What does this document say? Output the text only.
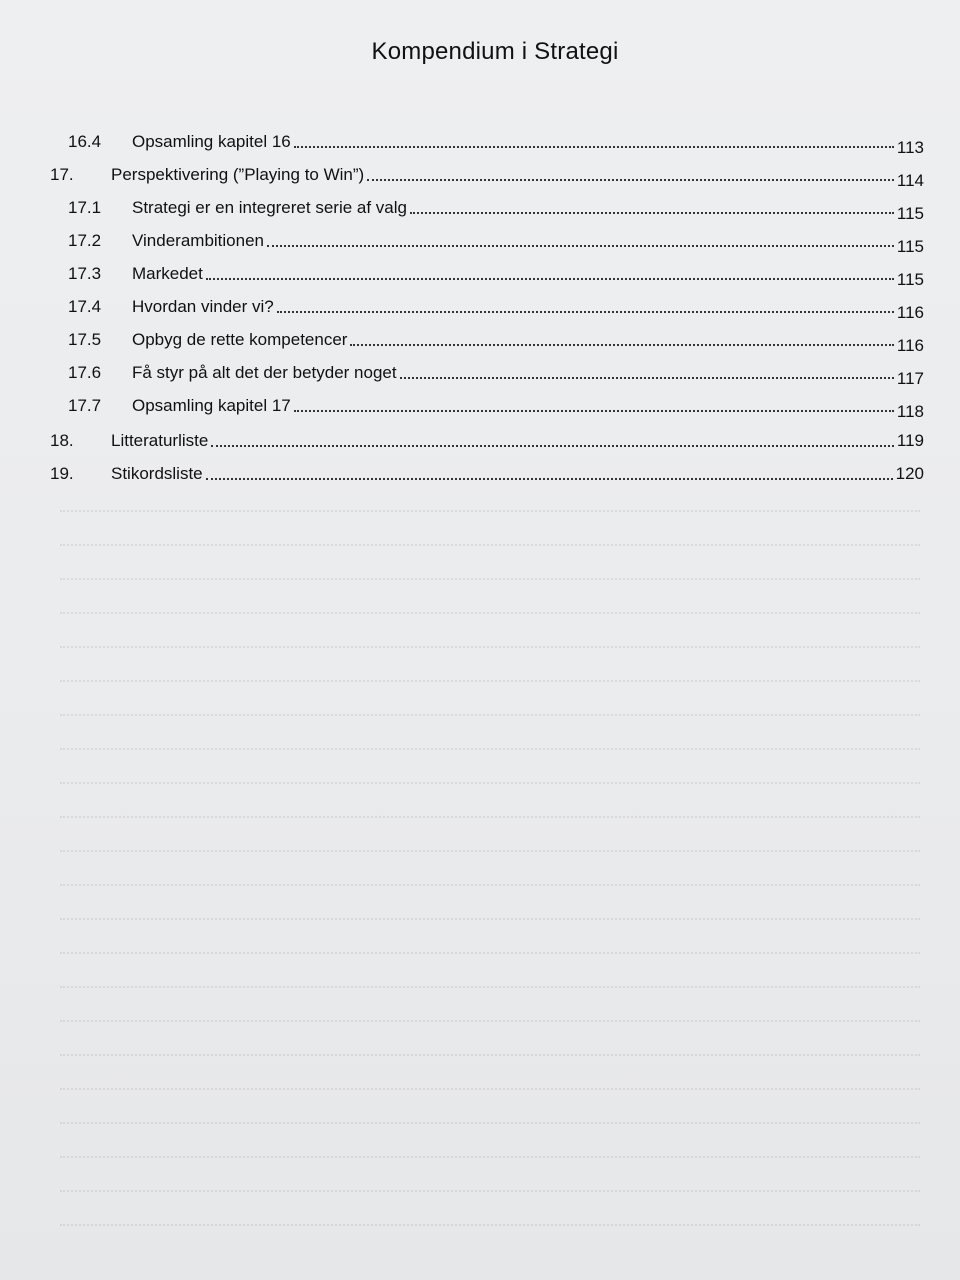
Kompendium i Strategi
16.4	Opsamling kapitel 16	113
17.	Perspektivering (”Playing to Win”)	114
17.1	Strategi er en integreret serie af valg	115
17.2	Vinderambitionen	115
17.3	Markedet	115
17.4	Hvordan vinder vi?	116
17.5	Opbyg de rette kompetencer	116
17.6	Få styr på alt det der betyder noget	117
17.7	Opsamling kapitel 17	118
18.	Litteraturliste	119
19.	Stikordsliste	120
